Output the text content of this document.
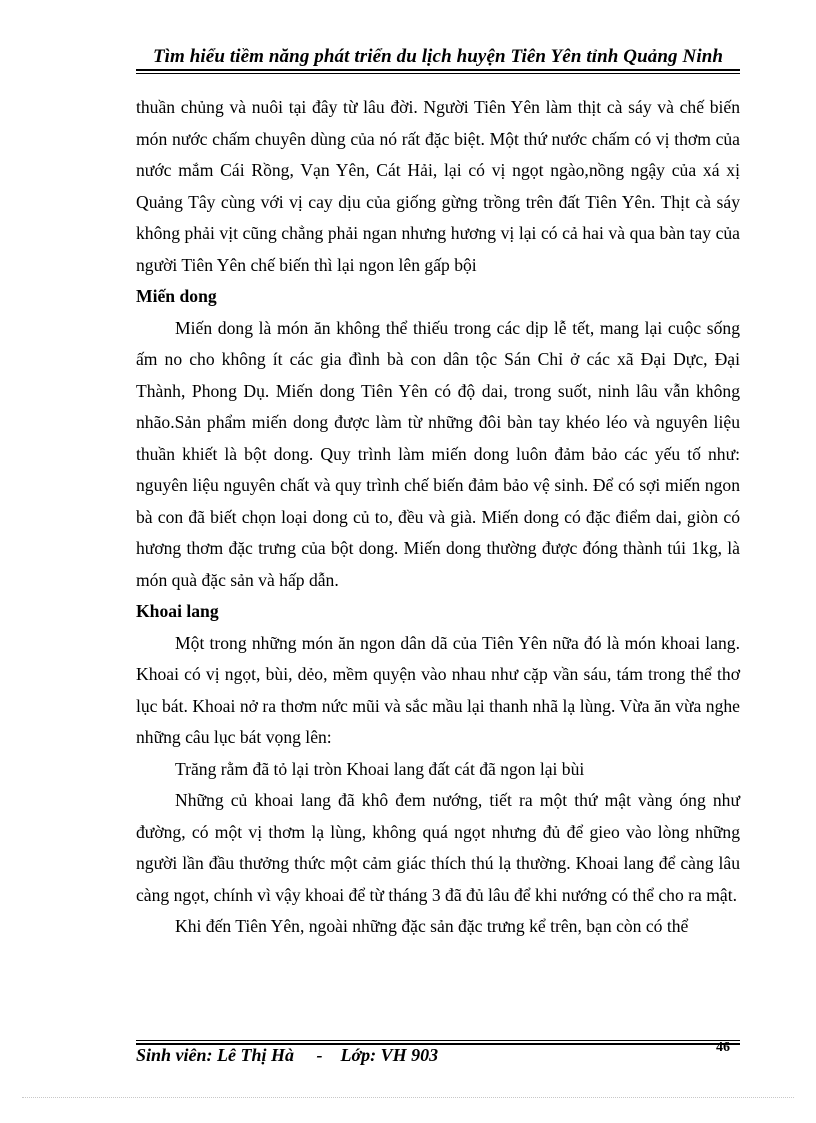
Tìm hiểu tiềm năng phát triển du lịch huyện Tiên Yên tỉnh Quảng Ninh

thuần chủng và nuôi tại đây từ lâu đời. Người Tiên Yên làm thịt cà sáy và chế biến món nước chấm chuyên dùng của nó rất đặc biệt. Một thứ nước chấm có vị thơm của nước mắm Cái Rồng, Vạn Yên, Cát Hải, lại có vị ngọt ngào,nồng ngậy của xá xị Quảng Tây cùng với vị cay dịu của giống gừng trồng trên đất Tiên Yên. Thịt cà sáy không phải vịt cũng chẳng phải ngan nhưng hương vị lại có cả hai và qua bàn tay của người Tiên Yên chế biến thì lại ngon lên gấp bội

Miến dong

Miến dong là món ăn không thể thiếu trong các dịp lễ tết, mang lại cuộc sống ấm no cho không ít các gia đình bà con dân tộc Sán Chỉ ở các xã Đại Dực, Đại Thành, Phong Dụ. Miến dong Tiên Yên có độ dai, trong suốt, ninh lâu vẫn không nhão.Sản phẩm miến dong được làm từ những đôi bàn tay khéo léo và nguyên liệu thuần khiết là bột dong. Quy trình làm miến dong luôn đảm bảo các yếu tố như: nguyên liệu nguyên chất và quy trình chế biến đảm bảo vệ sinh. Để có sợi miến ngon bà con đã biết chọn loại dong củ to, đều và già. Miến dong có đặc điểm dai, giòn có hương thơm đặc trưng của bột dong. Miến dong thường được đóng thành túi 1kg, là món quà đặc sản và hấp dẫn.

Khoai lang

Một trong những món ăn ngon dân dã của Tiên Yên nữa đó là món khoai lang. Khoai có vị ngọt, bùi, dẻo, mềm quyện vào nhau như cặp vần sáu, tám trong thể thơ lục bát. Khoai nở ra thơm nức mũi và sắc mầu lại thanh nhã lạ lùng. Vừa ăn vừa nghe những câu lục bát vọng lên:

Trăng rằm đã tỏ lại tròn Khoai lang đất cát đã ngon lại bùi

Những củ khoai lang đã khô đem nướng, tiết ra một thứ mật vàng óng như đường, có một vị thơm lạ lùng, không quá ngọt nhưng đủ để gieo vào lòng những người lần đầu thưởng thức một cảm giác thích thú lạ thường. Khoai lang để càng lâu càng ngọt, chính vì vậy khoai để từ tháng 3 đã đủ lâu để khi nướng có thể cho ra mật.

Khi đến Tiên Yên, ngoài những đặc sản đặc trưng kể trên, bạn còn có thể

Sinh viên: Lê Thị Hà     -    Lớp: VH 903	46
